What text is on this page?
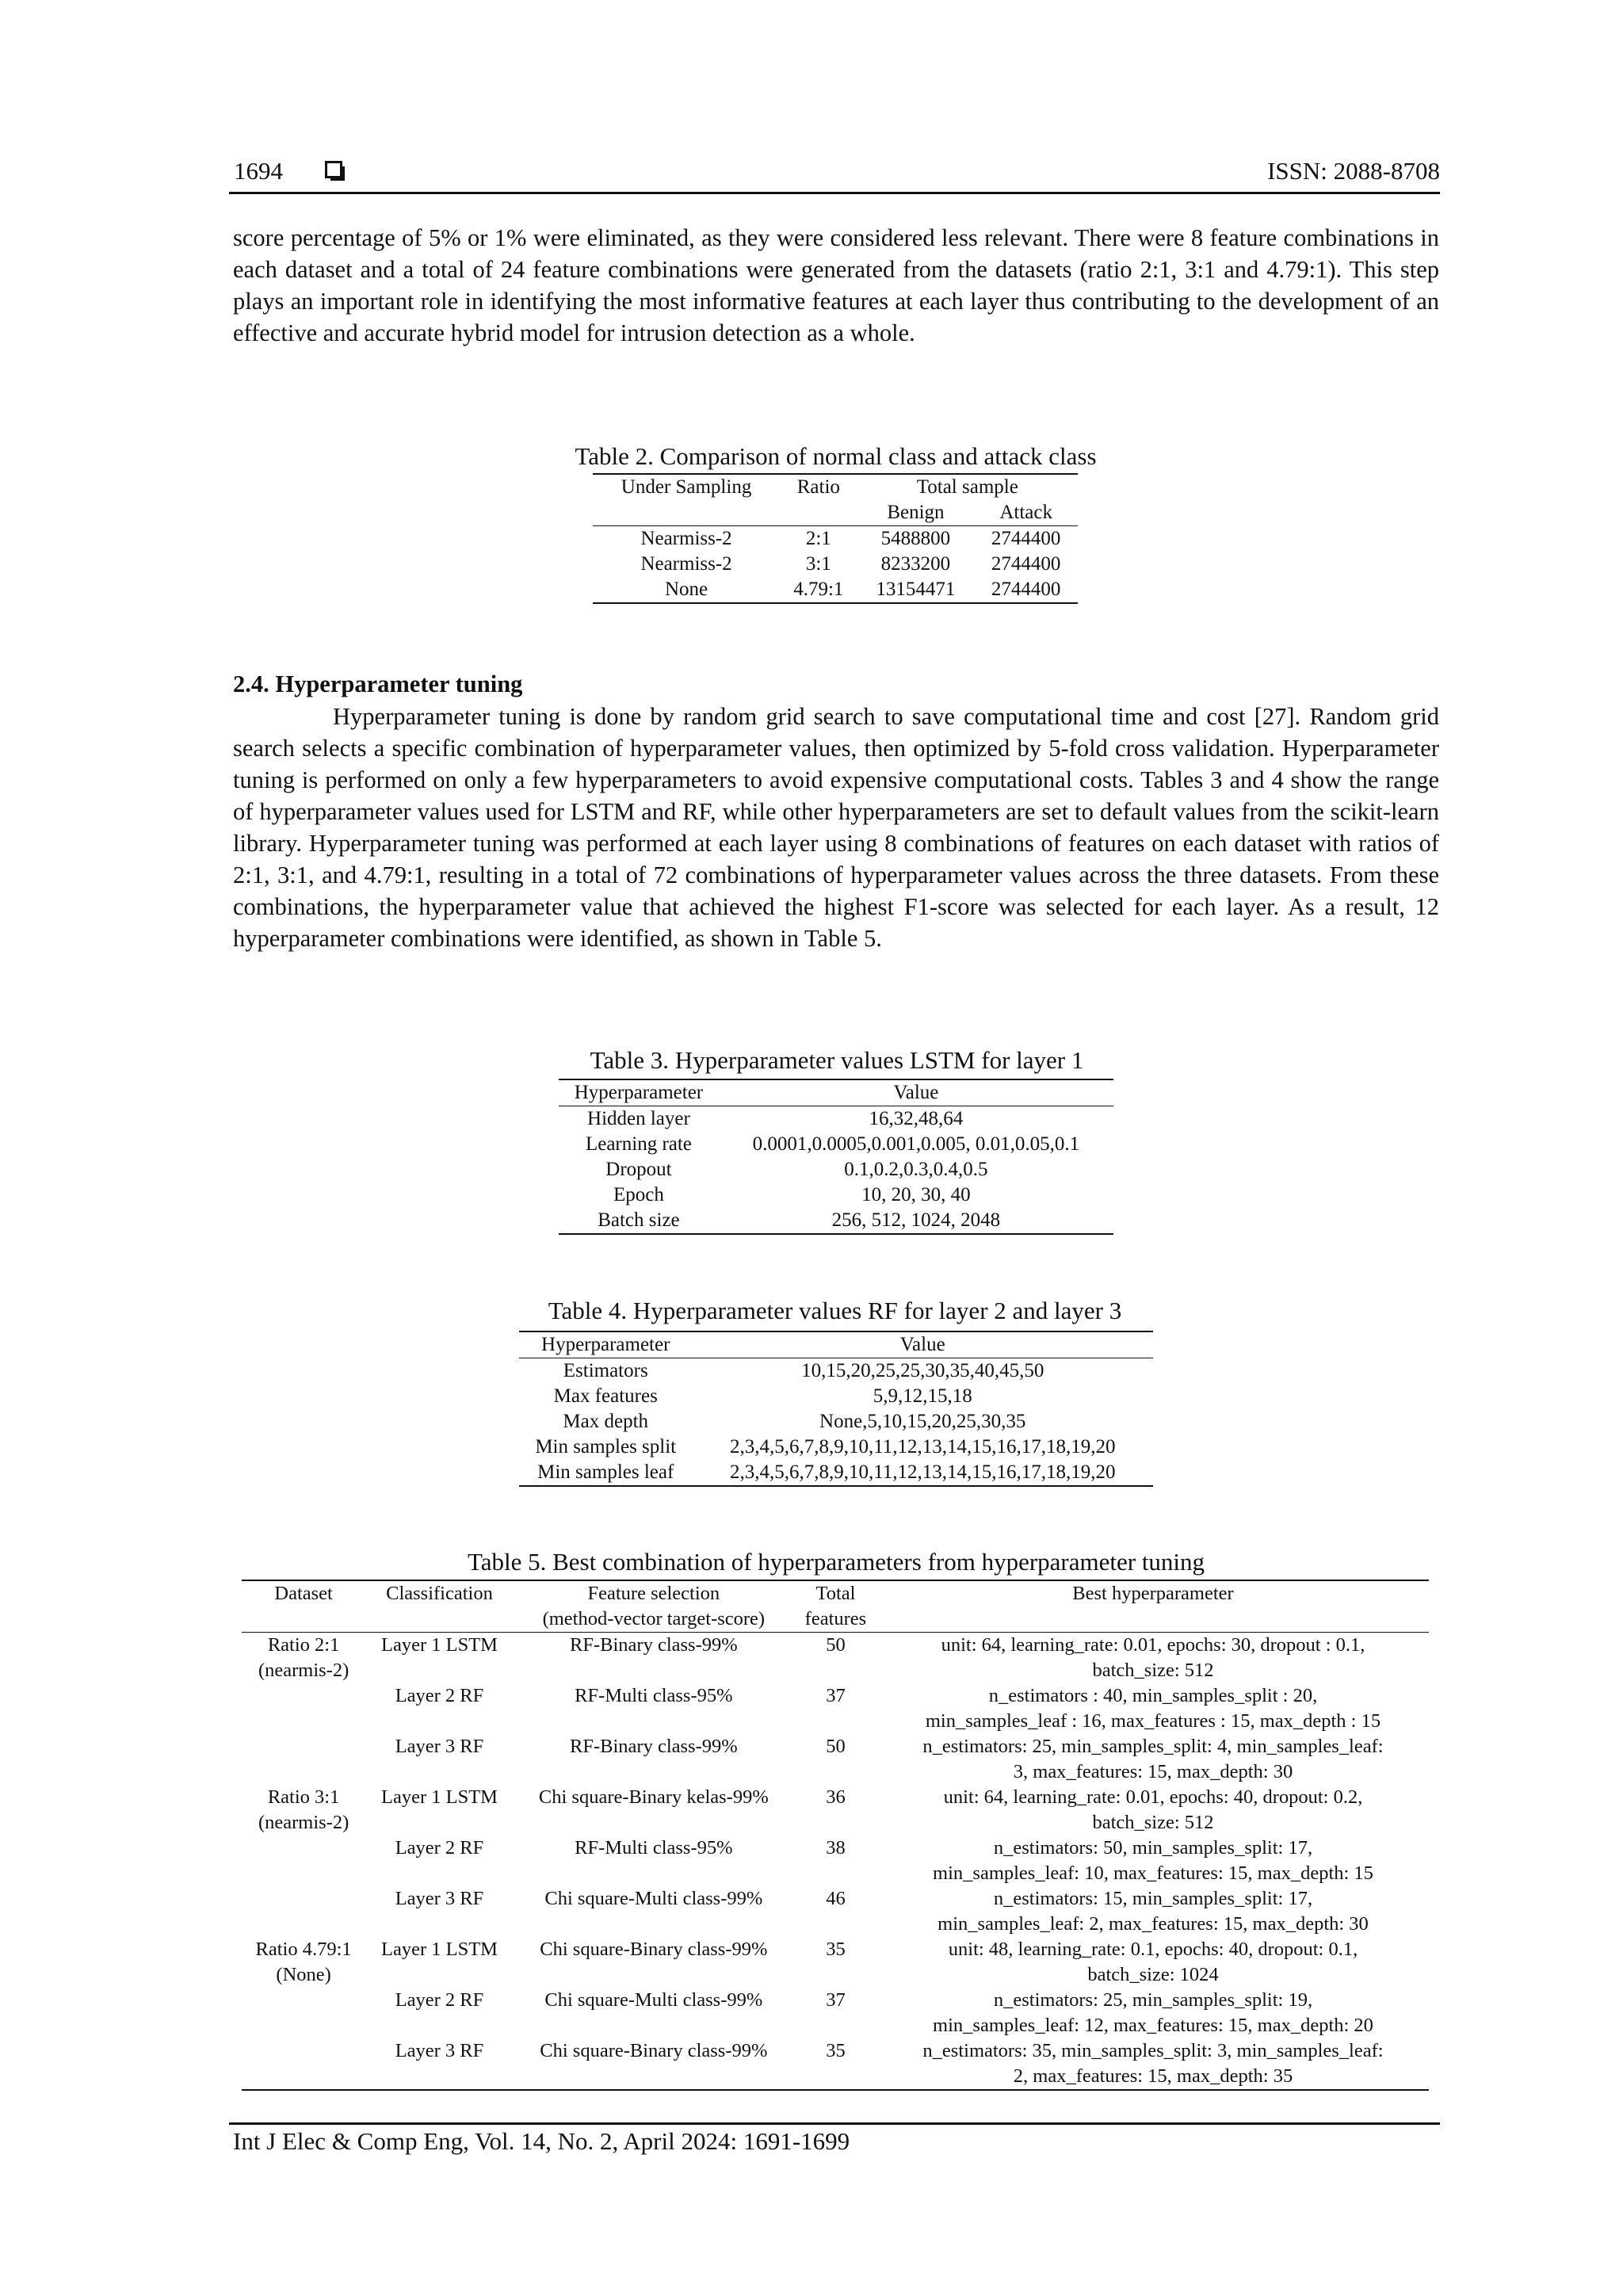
1694	ISSN: 2088-8708
score percentage of 5% or 1% were eliminated, as they were considered less relevant. There were 8 feature combinations in each dataset and a total of 24 feature combinations were generated from the datasets (ratio 2:1, 3:1 and 4.79:1). This step plays an important role in identifying the most informative features at each layer thus contributing to the development of an effective and accurate hybrid model for intrusion detection as a whole.
Table 2. Comparison of normal class and attack class
Under Sampling	Ratio	Total sample	
		Benign	Attack
Nearmiss-2	2:1	5488800	2744400
Nearmiss-2	3:1	8233200	2744400
None	4.79:1	13154471	2744400
2.4. Hyperparameter tuning
Hyperparameter tuning is done by random grid search to save computational time and cost [27]. Random grid search selects a specific combination of hyperparameter values, then optimized by 5-fold cross validation. Hyperparameter tuning is performed on only a few hyperparameters to avoid expensive computational costs. Tables 3 and 4 show the range of hyperparameter values used for LSTM and RF, while other hyperparameters are set to default values from the scikit-learn library. Hyperparameter tuning was performed at each layer using 8 combinations of features on each dataset with ratios of 2:1, 3:1, and 4.79:1, resulting in a total of 72 combinations of hyperparameter values across the three datasets. From these combinations, the hyperparameter value that achieved the highest F1-score was selected for each layer. As a result, 12 hyperparameter combinations were identified, as shown in Table 5.
Table 3. Hyperparameter values LSTM for layer 1
Hyperparameter	Value
Hidden layer	16,32,48,64
Learning rate	0.0001,0.0005,0.001,0.005, 0.01,0.05,0.1
Dropout	0.1,0.2,0.3,0.4,0.5
Epoch	10, 20, 30, 40
Batch size	256, 512, 1024, 2048
Table 4. Hyperparameter values RF for layer 2 and layer 3
Hyperparameter	Value
Estimators	10,15,20,25,25,30,35,40,45,50
Max features	5,9,12,15,18
Max depth	None,5,10,15,20,25,30,35
Min samples split	2,3,4,5,6,7,8,9,10,11,12,13,14,15,16,17,18,19,20
Min samples leaf	2,3,4,5,6,7,8,9,10,11,12,13,14,15,16,17,18,19,20
Table 5. Best combination of hyperparameters from hyperparameter tuning
Dataset	Classification	Feature selection	Total	Best hyperparameter
		(method-vector target-score)	features	
Ratio 2:1	Layer 1 LSTM	RF-Binary class-99%	50	unit: 64, learning_rate: 0.01, epochs: 30, dropout : 0.1,
(nearmis-2)				batch_size: 512
	Layer 2 RF	RF-Multi class-95%	37	n_estimators : 40, min_samples_split : 20,
				min_samples_leaf : 16, max_features : 15, max_depth : 15
	Layer 3 RF	RF-Binary class-99%	50	n_estimators: 25, min_samples_split: 4, min_samples_leaf:
				3, max_features: 15, max_depth: 30
Ratio 3:1	Layer 1 LSTM	Chi square-Binary kelas-99%	36	unit: 64, learning_rate: 0.01, epochs: 40, dropout: 0.2,
(nearmis-2)				batch_size: 512
	Layer 2 RF	RF-Multi class-95%	38	n_estimators: 50, min_samples_split: 17,
				min_samples_leaf: 10, max_features: 15, max_depth: 15
	Layer 3 RF	Chi square-Multi class-99%	46	n_estimators: 15, min_samples_split: 17,
				min_samples_leaf: 2, max_features: 15, max_depth: 30
Ratio 4.79:1	Layer 1 LSTM	Chi square-Binary class-99%	35	unit: 48, learning_rate: 0.1, epochs: 40, dropout: 0.1,
(None)				batch_size: 1024
	Layer 2 RF	Chi square-Multi class-99%	37	n_estimators: 25, min_samples_split: 19,
				min_samples_leaf: 12, max_features: 15, max_depth: 20
	Layer 3 RF	Chi square-Binary class-99%	35	n_estimators: 35, min_samples_split: 3, min_samples_leaf:
				2, max_features: 15, max_depth: 35
Int J Elec & Comp Eng, Vol. 14, No. 2, April 2024: 1691-1699
